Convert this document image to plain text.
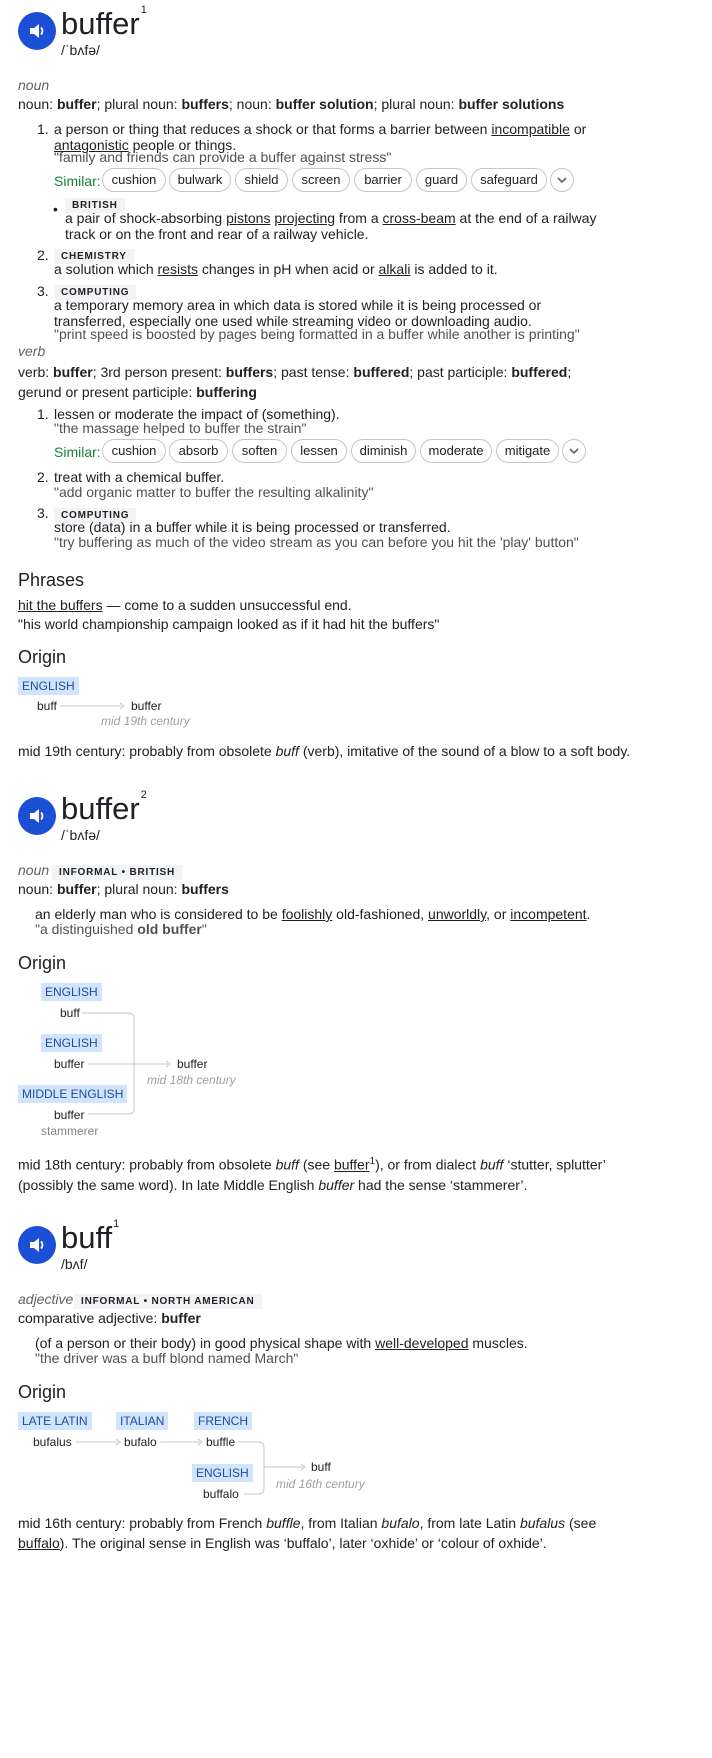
buffer$^1$
/ˈbʌfə/
noun
noun: buffer; plural noun: buffers; noun: buffer solution; plural noun: buffer solutions
1. a person or thing that reduces a shock or that forms a barrier between incompatible or antagonistic people or things.
"family and friends can provide a buffer against stress"
Similar: cushion	bulwark	shield	screen	barrier	guard	safeguard
•	BRITISH
a pair of shock-absorbing pistons projecting from a cross-beam at the end of a railway track or on the front and rear of a railway vehicle.
2.	CHEMISTRY
a solution which resists changes in pH when acid or alkali is added to it.
3.	COMPUTING
a temporary memory area in which data is stored while it is being processed or transferred, especially one used while streaming video or downloading audio.
"print speed is boosted by pages being formatted in a buffer while another is printing"
verb
verb: buffer; 3rd person present: buffers; past tense: buffered; past participle: buffered; gerund or present participle: buffering
1. lessen or moderate the impact of (something).
"the massage helped to buffer the strain"
Similar: cushion	absorb	soften	lessen	diminish	moderate	mitigate
2. treat with a chemical buffer.
"add organic matter to buffer the resulting alkalinity"
3.	COMPUTING
store (data) in a buffer while it is being processed or transferred.
"try buffering as much of the video stream as you can before you hit the 'play' button"
Phrases
hit the buffers — come to a sudden unsuccessful end.
"his world championship campaign looked as if it had hit the buffers"
Origin
ENGLISH
buff	buffer
mid 19th century
mid 19th century: probably from obsolete buff (verb), imitative of the sound of a blow to a soft body.
buffer$^2$
/ˈbʌfə/
noun INFORMAL • BRITISH
noun: buffer; plural noun: buffers
an elderly man who is considered to be foolishly old-fashioned, unworldly, or incompetent.
"a distinguished old buffer"
Origin
ENGLISH
buff
ENGLISH
buffer
MIDDLE ENGLISH
buffer
stammerer
buffer
mid 18th century
mid 18th century: probably from obsolete buff (see buffer$^1$), or from dialect buff ‘stutter, splutter’ (possibly the same word). In late Middle English buffer had the sense ‘stammerer’.
buff$^1$
/bʌf/
adjective INFORMAL • NORTH AMERICAN
comparative adjective: buffer
(of a person or their body) in good physical shape with well-developed muscles.
"the driver was a buff blond named March"
Origin
LATE LATIN
bufalus
ITALIAN
bufalo
FRENCH
buffle
ENGLISH
buffalo
buff
mid 16th century
mid 16th century: probably from French buffle, from Italian bufalo, from late Latin bufalus (see buffalo). The original sense in English was ‘buffalo’, later ‘oxhide’ or ‘colour of oxhide’.
